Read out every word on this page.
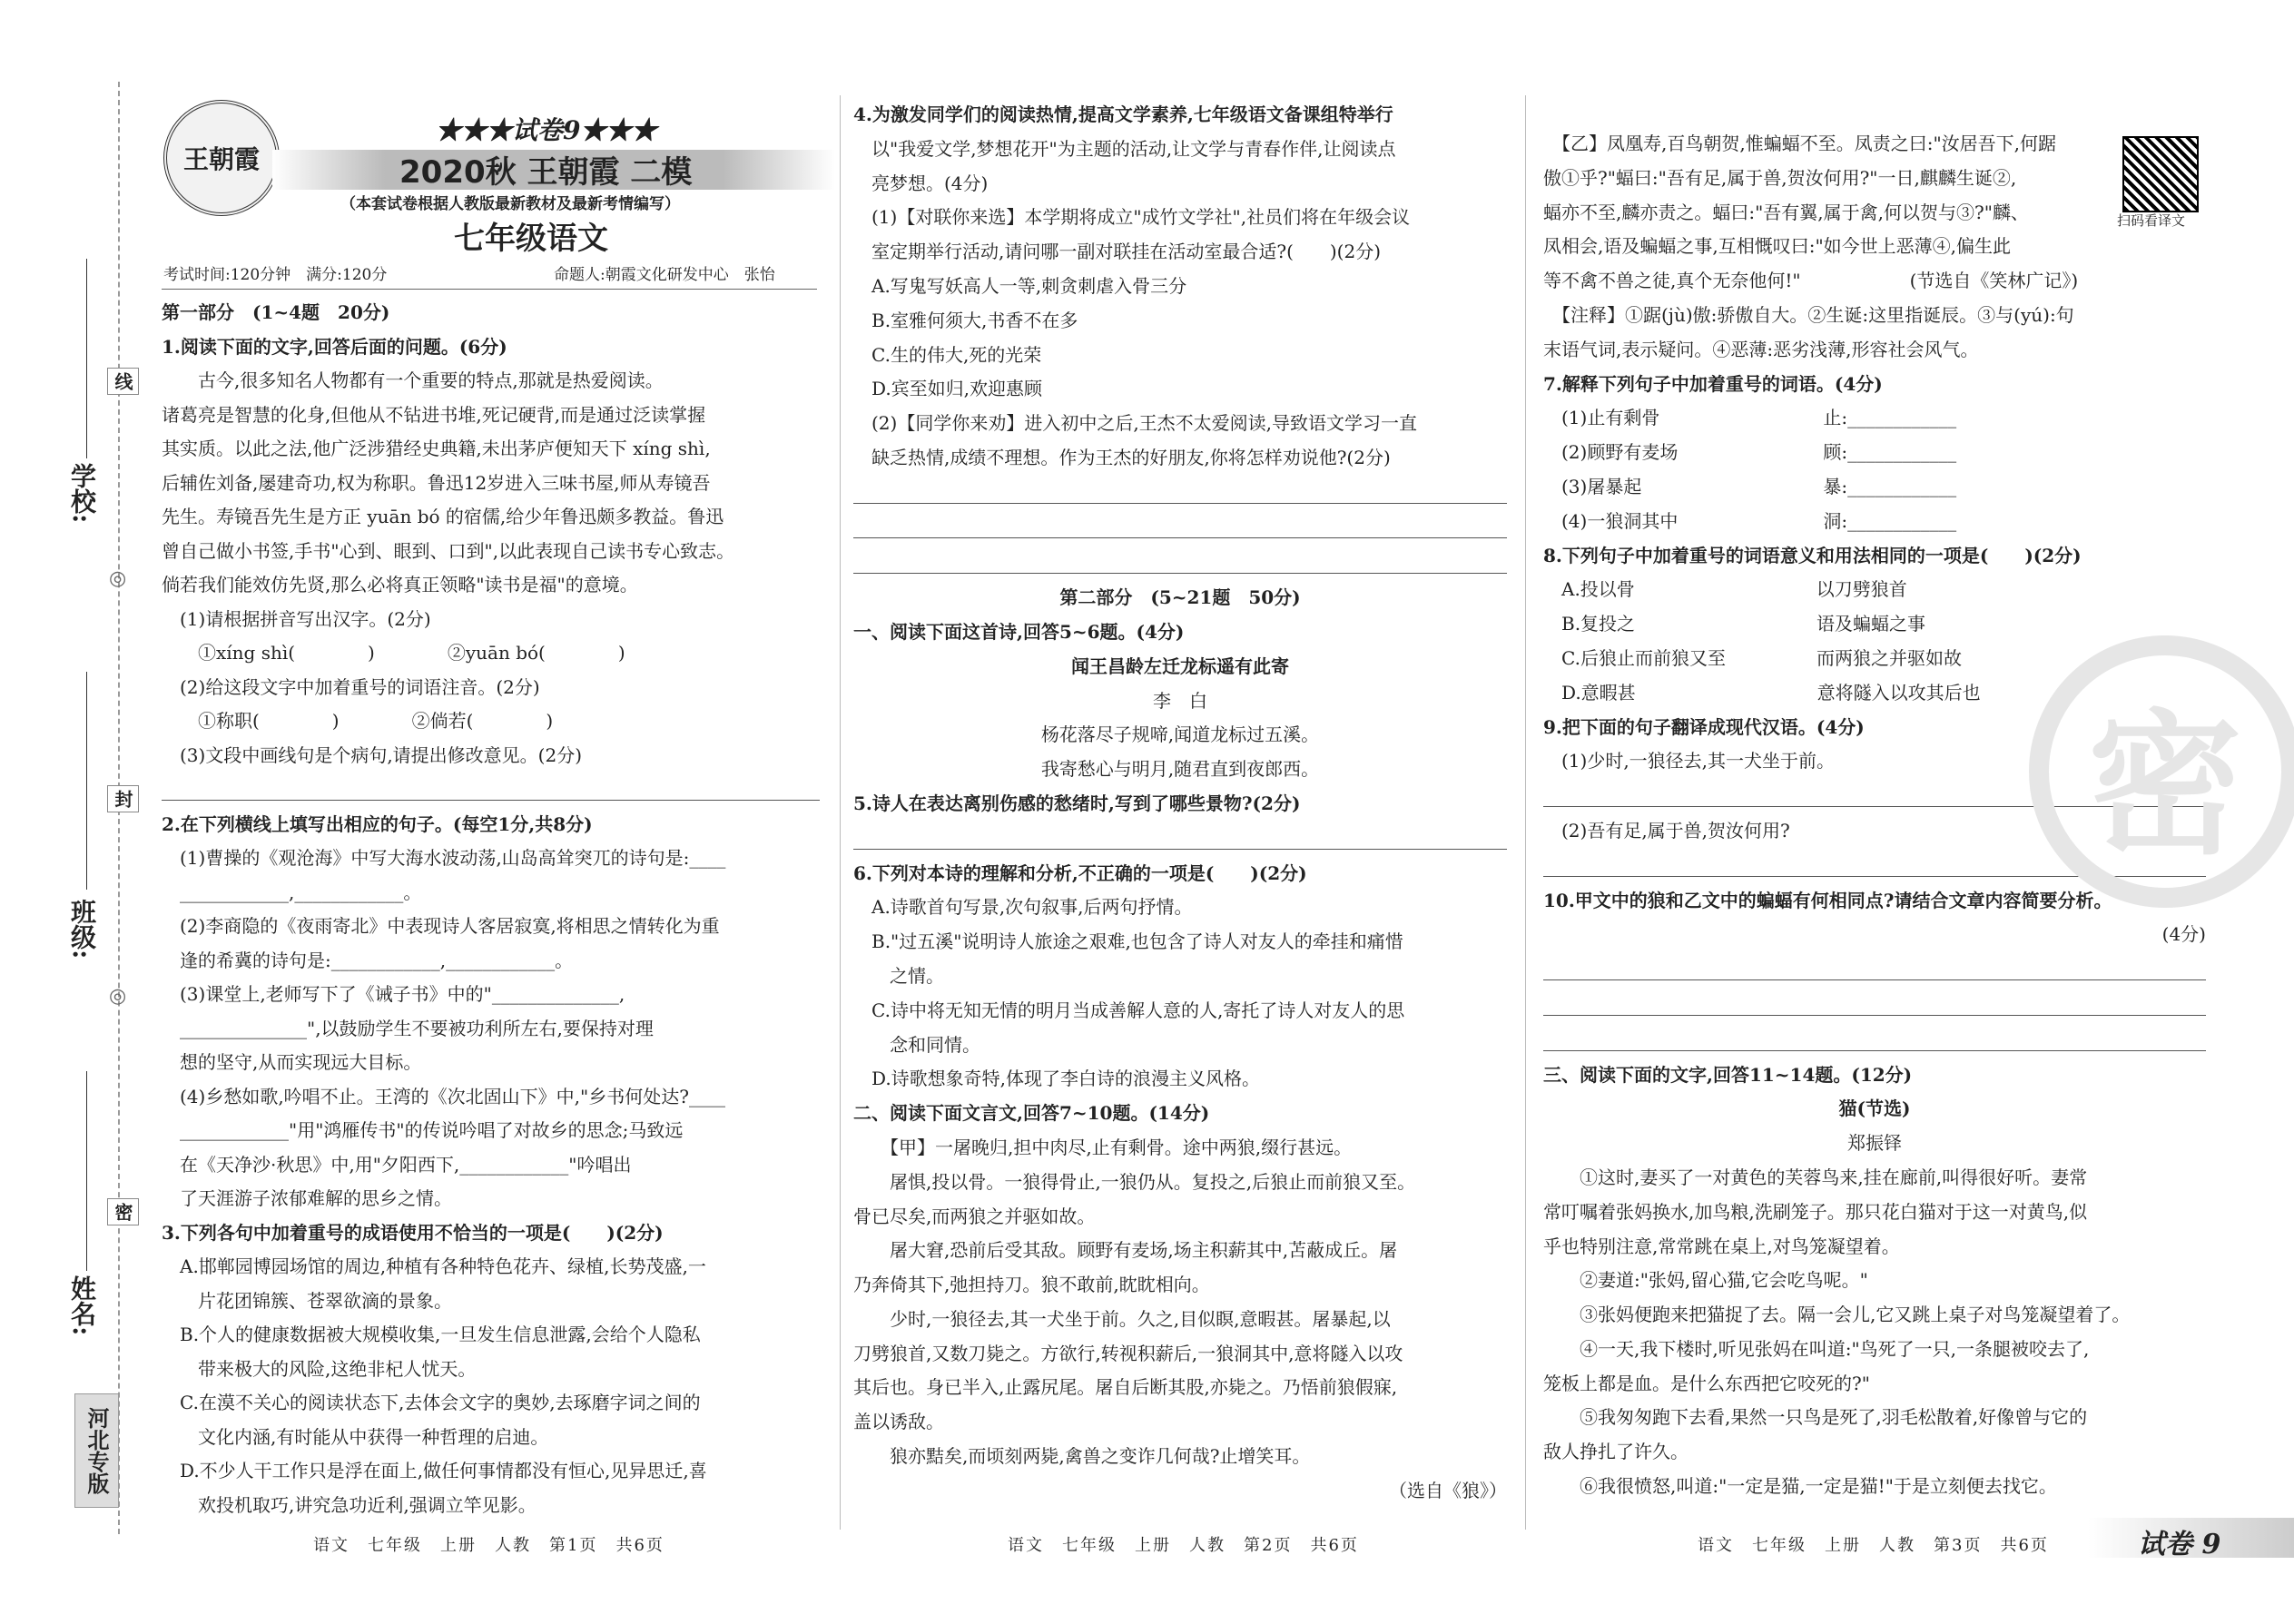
学校:
班级:
姓名:
线
封
密
◎
◎
河北专版
王朝霞
★★★试卷9★★★
2020秋 王朝霞 二模
（本套试卷根据人教版最新教材及最新考情编写）
七年级语文
考试时间:120分钟　满分:120分	命题人:朝霞文化研发中心　张怡
第一部分　(1~4题　20分)
1.阅读下面的文字,回答后面的问题。(6分)
　　古今,很多知名人物都有一个重要的特点,那就是热爱阅读。
诸葛亮是智慧的化身,但他从不钻进书堆,死记硬背,而是通过泛读掌握
其实质。以此之法,他广泛涉猎经史典籍,未出茅庐便知天下 xíng shì,
后辅佐刘备,屡建奇功,权为称职。鲁迅12岁进入三味书屋,师从寿镜吾
先生。寿镜吾先生是方正 yuān bó 的宿儒,给少年鲁迅颇多教益。鲁迅
曾自己做小书签,手书"心到、眼到、口到",以此表现自己读书专心致志。
倘若我们能效仿先贤,那么必将真正领略"读书是福"的意境。
　(1)请根据拼音写出汉字。(2分)
　　①xíng shì(　　　　)　　　　②yuān bó(　　　　)
　(2)给这段文字中加着重号的词语注音。(2分)
　　①称职(　　　　)　　　　②倘若(　　　　)
　(3)文段中画线句是个病句,请提出修改意见。(2分)
2.在下列横线上填写出相应的句子。(每空1分,共8分)
　(1)曹操的《观沧海》中写大海水波动荡,山岛高耸突兀的诗句是:____
　____________,____________。
　(2)李商隐的《夜雨寄北》中表现诗人客居寂寞,将相思之情转化为重
　逢的希冀的诗句是:____________,____________。
　(3)课堂上,老师写下了《诫子书》中的"______________,
　______________",以鼓励学生不要被功利所左右,要保持对理
　想的坚守,从而实现远大目标。
　(4)乡愁如歌,吟唱不止。王湾的《次北固山下》中,"乡书何处达?____
　____________"用"鸿雁传书"的传说吟唱了对故乡的思念;马致远
　在《天净沙·秋思》中,用"夕阳西下,____________"吟唱出
　了天涯游子浓郁难解的思乡之情。
3.下列各句中加着重号的成语使用不恰当的一项是(　　)(2分)
　A.邯郸园博园场馆的周边,种植有各种特色花卉、绿植,长势茂盛,一
　　片花团锦簇、苍翠欲滴的景象。
　B.个人的健康数据被大规模收集,一旦发生信息泄露,会给个人隐私
　　带来极大的风险,这绝非杞人忧天。
　C.在漠不关心的阅读状态下,去体会文字的奥妙,去琢磨字词之间的
　　文化内涵,有时能从中获得一种哲理的启迪。
　D.不少人干工作只是浮在面上,做任何事情都没有恒心,见异思迁,喜
　　欢投机取巧,讲究急功近利,强调立竿见影。
4.为激发同学们的阅读热情,提高文学素养,七年级语文备课组特举行
　以"我爱文学,梦想花开"为主题的活动,让文学与青春作伴,让阅读点
　亮梦想。(4分)
　(1)【对联你来选】本学期将成立"成竹文学社",社员们将在年级会议
　室定期举行活动,请问哪一副对联挂在活动室最合适?(　　)(2分)
　A.写鬼写妖高人一等,刺贪刺虐入骨三分
　B.室雅何须大,书香不在多
　C.生的伟大,死的光荣
　D.宾至如归,欢迎惠顾
　(2)【同学你来劝】进入初中之后,王杰不太爱阅读,导致语文学习一直
　缺乏热情,成绩不理想。作为王杰的好朋友,你将怎样劝说他?(2分)
第二部分　(5~21题　50分)
一、阅读下面这首诗,回答5~6题。(4分)
闻王昌龄左迁龙标遥有此寄
李　白
杨花落尽子规啼,闻道龙标过五溪。
我寄愁心与明月,随君直到夜郎西。
5.诗人在表达离别伤感的愁绪时,写到了哪些景物?(2分)
6.下列对本诗的理解和分析,不正确的一项是(　　)(2分)
　A.诗歌首句写景,次句叙事,后两句抒情。
　B."过五溪"说明诗人旅途之艰难,也包含了诗人对友人的牵挂和痛惜
　　之情。
　C.诗中将无知无情的明月当成善解人意的人,寄托了诗人对友人的思
　　念和同情。
　D.诗歌想象奇特,体现了李白诗的浪漫主义风格。
二、阅读下面文言文,回答7~10题。(14分)
　　【甲】一屠晚归,担中肉尽,止有剩骨。途中两狼,缀行甚远。
　　屠惧,投以骨。一狼得骨止,一狼仍从。复投之,后狼止而前狼又至。
骨已尽矣,而两狼之并驱如故。
　　屠大窘,恐前后受其敌。顾野有麦场,场主积薪其中,苫蔽成丘。屠
乃奔倚其下,弛担持刀。狼不敢前,眈眈相向。
　　少时,一狼径去,其一犬坐于前。久之,目似瞑,意暇甚。屠暴起,以
刀劈狼首,又数刀毙之。方欲行,转视积薪后,一狼洞其中,意将隧入以攻
其后也。身已半入,止露尻尾。屠自后断其股,亦毙之。乃悟前狼假寐,
盖以诱敌。
　　狼亦黠矣,而顷刻两毙,禽兽之变诈几何哉?止增笑耳。
（选自《狼》）
　【乙】凤凰寿,百鸟朝贺,惟蝙蝠不至。凤责之曰:"汝居吾下,何踞
傲①乎?"蝠曰:"吾有足,属于兽,贺汝何用?"一日,麒麟生诞②,
蝠亦不至,麟亦责之。蝠曰:"吾有翼,属于禽,何以贺与③?"麟、
凤相会,语及蝙蝠之事,互相慨叹曰:"如今世上恶薄④,偏生此
等不禽不兽之徒,真个无奈他何!"　　　　　　(节选自《笑林广记》)
　【注释】①踞(jù)傲:骄傲自大。②生诞:这里指诞辰。③与(yú):句
末语气词,表示疑问。④恶薄:恶劣浅薄,形容社会风气。
7.解释下列句子中加着重号的词语。(4分)
　(1)止有剩骨　　　　　　　　　止:____________
　(2)顾野有麦场　　　　　　　　顾:____________
　(3)屠暴起　　　　　　　　　　暴:____________
　(4)一狼洞其中　　　　　　　　洞:____________
8.下列句子中加着重号的词语意义和用法相同的一项是(　　)(2分)
　A.投以骨　　　　　　　　　　以刀劈狼首
　B.复投之　　　　　　　　　　语及蝙蝠之事
　C.后狼止而前狼又至　　　　　而两狼之并驱如故
　D.意暇甚　　　　　　　　　　意将隧入以攻其后也
9.把下面的句子翻译成现代汉语。(4分)
　(1)少时,一狼径去,其一犬坐于前。
　(2)吾有足,属于兽,贺汝何用?
10.甲文中的狼和乙文中的蝙蝠有何相同点?请结合文章内容简要分析。
(4分)
三、阅读下面的文字,回答11~14题。(12分)
猫(节选)
郑振铎
　　①这时,妻买了一对黄色的芙蓉鸟来,挂在廊前,叫得很好听。妻常
常叮嘱着张妈换水,加鸟粮,洗刷笼子。那只花白猫对于这一对黄鸟,似
乎也特别注意,常常跳在桌上,对鸟笼凝望着。
　　②妻道:"张妈,留心猫,它会吃鸟呢。"
　　③张妈便跑来把猫捉了去。隔一会儿,它又跳上桌子对鸟笼凝望着了。
　　④一天,我下楼时,听见张妈在叫道:"鸟死了一只,一条腿被咬去了,
笼板上都是血。是什么东西把它咬死的?"
　　⑤我匆匆跑下去看,果然一只鸟是死了,羽毛松散着,好像曾与它的
敌人挣扎了许久。
　　⑥我很愤怒,叫道:"一定是猫,一定是猫!"于是立刻便去找它。
扫码看译文
密
语文　七年级　上册　人教　第1页　共6页	语文　七年级　上册　人教　第2页　共6页	语文　七年级　上册　人教　第3页　共6页	试卷 9
